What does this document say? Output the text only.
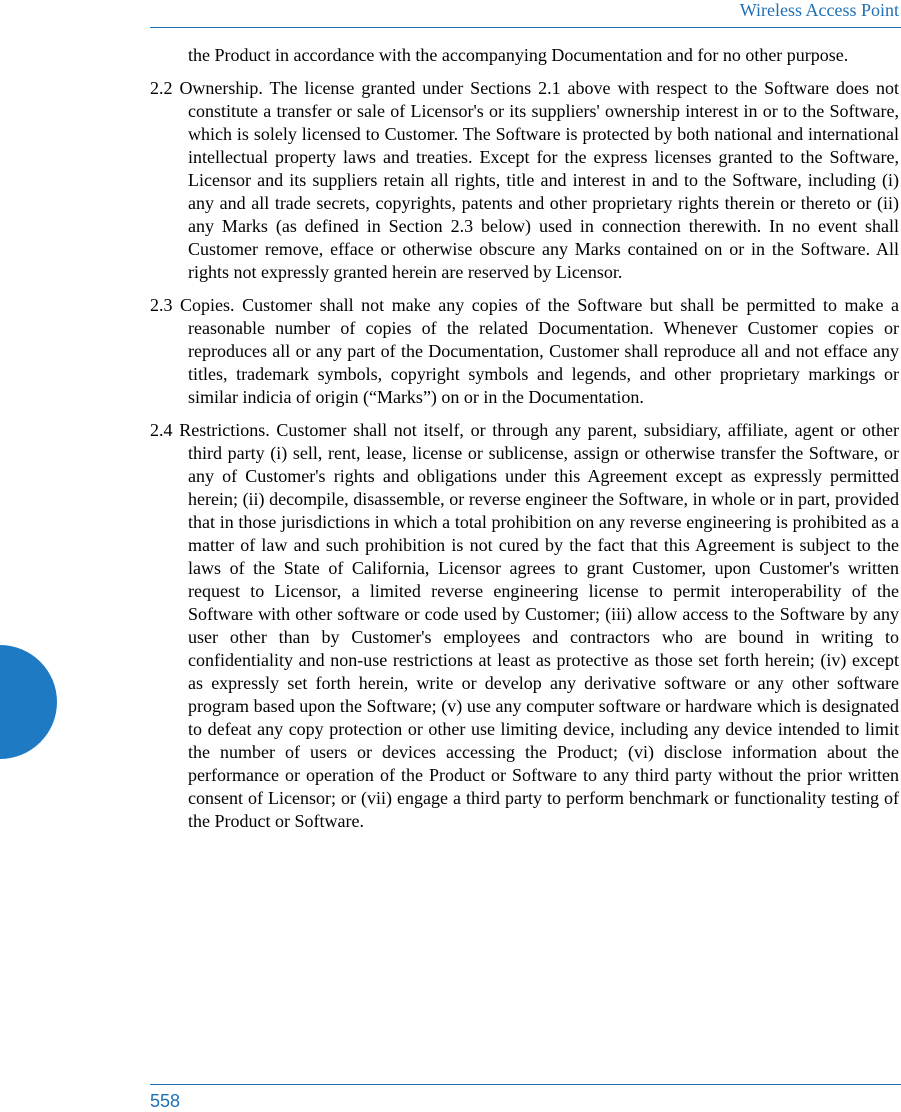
Wireless Access Point

the Product in accordance with the accompanying Documentation and for no other purpose.

2.2 Ownership. The license granted under Sections 2.1 above with respect to the Software does not constitute a transfer or sale of Licensor's or its suppliers' ownership interest in or to the Software, which is solely licensed to Customer. The Software is protected by both national and international intellectual property laws and treaties. Except for the express licenses granted to the Software, Licensor and its suppliers retain all rights, title and interest in and to the Software, including (i) any and all trade secrets, copyrights, patents and other proprietary rights therein or thereto or (ii) any Marks (as defined in Section 2.3 below) used in connection therewith. In no event shall Customer remove, efface or otherwise obscure any Marks contained on or in the Software. All rights not expressly granted herein are reserved by Licensor.

2.3 Copies. Customer shall not make any copies of the Software but shall be permitted to make a reasonable number of copies of the related Documentation. Whenever Customer copies or reproduces all or any part of the Documentation, Customer shall reproduce all and not efface any titles, trademark symbols, copyright symbols and legends, and other proprietary markings or similar indicia of origin (“Marks”) on or in the Documentation.

2.4 Restrictions. Customer shall not itself, or through any parent, subsidiary, affiliate, agent or other third party (i) sell, rent, lease, license or sublicense, assign or otherwise transfer the Software, or any of Customer's rights and obligations under this Agreement except as expressly permitted herein; (ii) decompile, disassemble, or reverse engineer the Software, in whole or in part, provided that in those jurisdictions in which a total prohibition on any reverse engineering is prohibited as a matter of law and such prohibition is not cured by the fact that this Agreement is subject to the laws of the State of California, Licensor agrees to grant Customer, upon Customer's written request to Licensor, a limited reverse engineering license to permit interoperability of the Software with other software or code used by Customer; (iii) allow access to the Software by any user other than by Customer's employees and contractors who are bound in writing to confidentiality and non-use restrictions at least as protective as those set forth herein; (iv) except as expressly set forth herein, write or develop any derivative software or any other software program based upon the Software; (v) use any computer software or hardware which is designated to defeat any copy protection or other use limiting device, including any device intended to limit the number of users or devices accessing the Product; (vi) disclose information about the performance or operation of the Product or Software to any third party without the prior written consent of Licensor; or (vii) engage a third party to perform benchmark or functionality testing of the Product or Software.

558
